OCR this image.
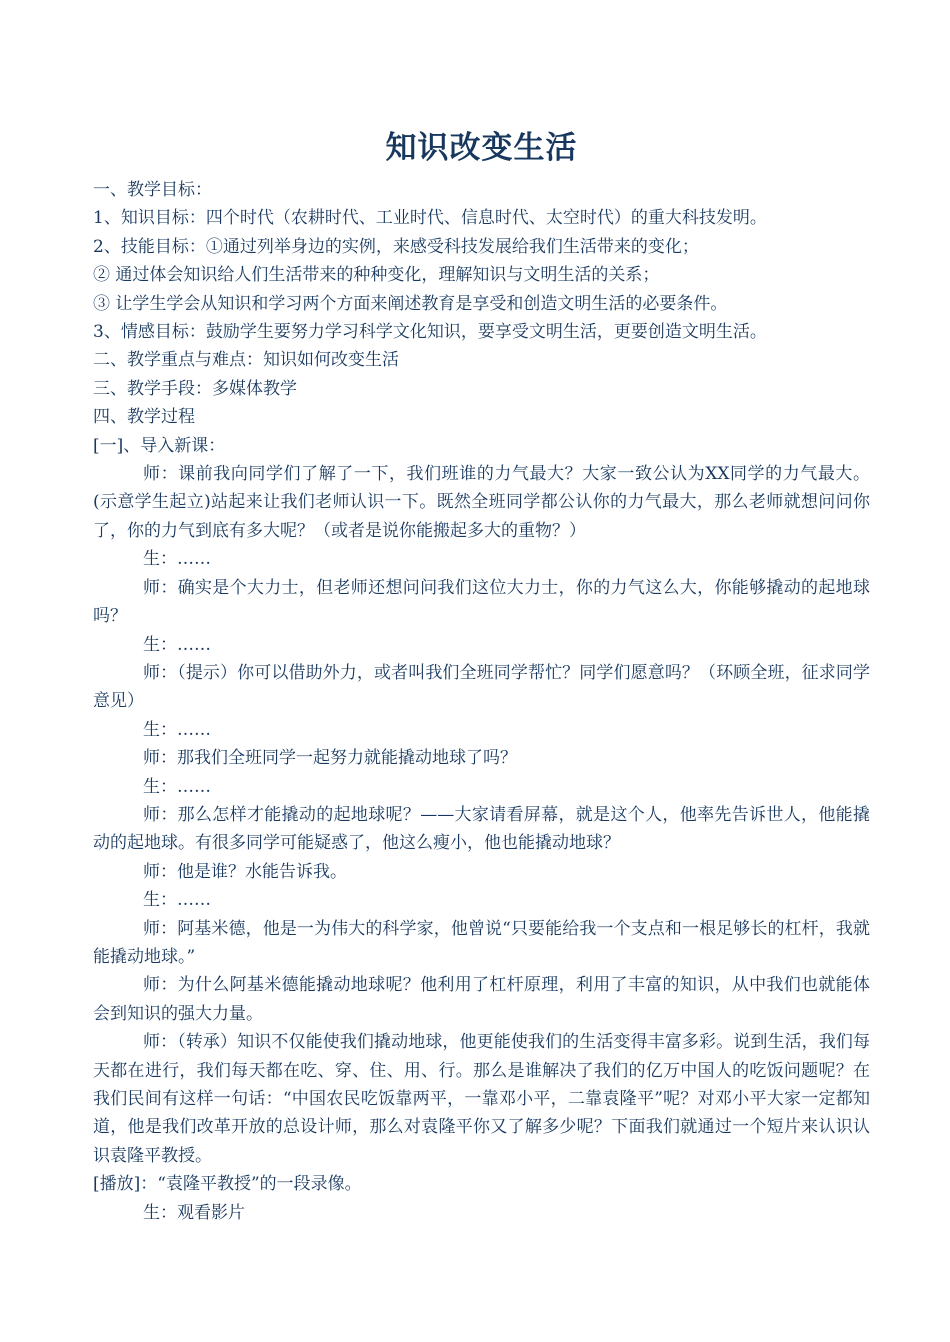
知识改变生活
一、教学目标：
1、知识目标：四个时代（农耕时代、工业时代、信息时代、太空时代）的重大科技发明。
2、技能目标：①通过列举身边的实例，来感受科技发展给我们生活带来的变化；
② 通过体会知识给人们生活带来的种种变化，理解知识与文明生活的关系；
③ 让学生学会从知识和学习两个方面来阐述教育是享受和创造文明生活的必要条件。
3、情感目标：鼓励学生要努力学习科学文化知识，要享受文明生活，更要创造文明生活。
二、教学重点与难点：知识如何改变生活
三、教学手段：多媒体教学
四、教学过程
[一]、导入新课：

师：课前我向同学们了解了一下，我们班谁的力气最大？大家一致公认为XX同学的力气最大。(示意学生起立)站起来让我们老师认识一下。既然全班同学都公认你的力气最大，那么老师就想问问你了，你的力气到底有多大呢？（或者是说你能搬起多大的重物？）

生：……

师：确实是个大力士，但老师还想问问我们这位大力士，你的力气这么大，你能够撬动的起地球吗？

生：……

师：（提示）你可以借助外力，或者叫我们全班同学帮忙？同学们愿意吗？（环顾全班，征求同学意见）

生：……

师：那我们全班同学一起努力就能撬动地球了吗？

生：……

师：那么怎样才能撬动的起地球呢？——大家请看屏幕，就是这个人，他率先告诉世人，他能撬动的起地球。有很多同学可能疑惑了，他这么瘦小，他也能撬动地球？

师：他是谁？水能告诉我。

生：……

师：阿基米德，他是一为伟大的科学家，他曾说“只要能给我一个支点和一根足够长的杠杆，我就能撬动地球。”

师：为什么阿基米德能撬动地球呢？他利用了杠杆原理，利用了丰富的知识，从中我们也就能体会到知识的强大力量。

师：（转承）知识不仅能使我们撬动地球，他更能使我们的生活变得丰富多彩。说到生活，我们每天都在进行，我们每天都在吃、穿、住、用、行。那么是谁解决了我们的亿万中国人的吃饭问题呢？在我们民间有这样一句话：“中国农民吃饭靠两平，一靠邓小平，二靠袁隆平”呢？对邓小平大家一定都知道，他是我们改革开放的总设计师，那么对袁隆平你又了解多少呢？下面我们就通过一个短片来认识认识袁隆平教授。

[播放]：“袁隆平教授”的一段录像。

生：观看影片
